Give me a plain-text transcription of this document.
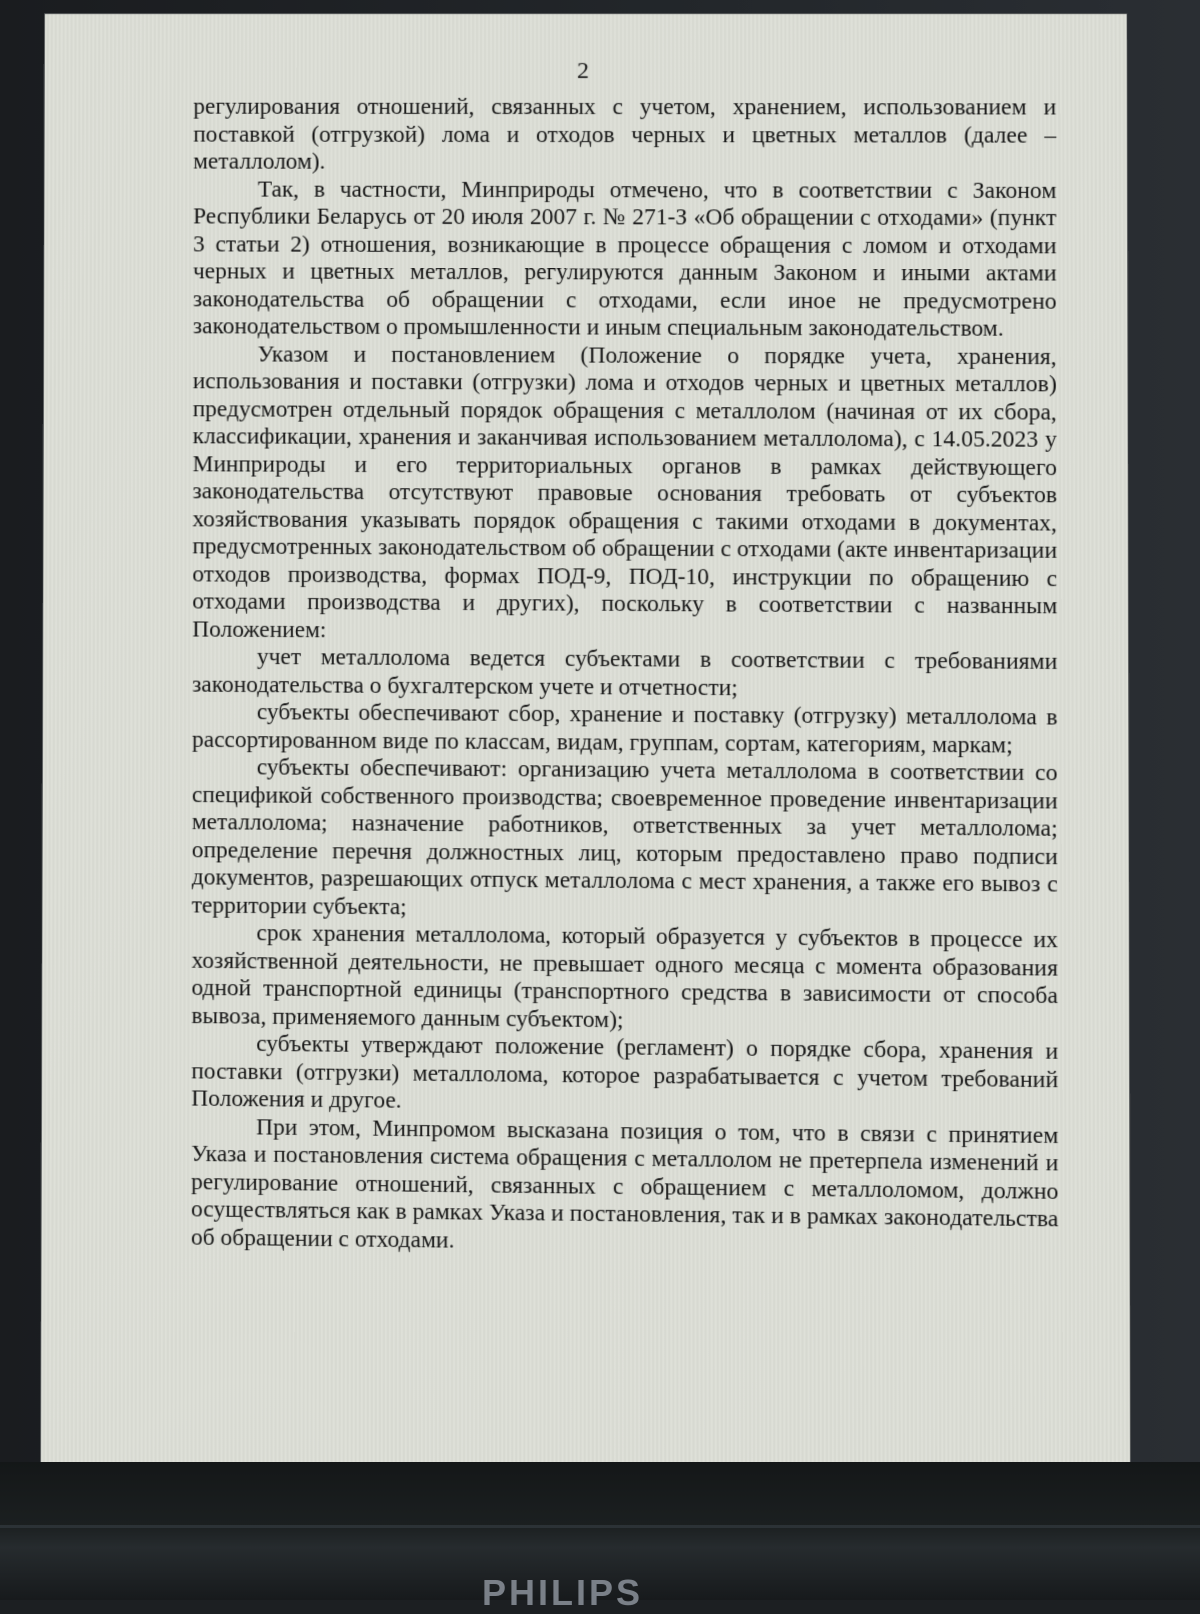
2

регулирования отношений, связанных с учетом, хранением, использованием и поставкой (отгрузкой) лома и отходов черных и цветных металлов (далее – металлолом).

Так, в частности, Минприроды отмечено, что в соответствии с Законом Республики Беларусь от 20 июля 2007 г. № 271-З «Об обращении с отходами» (пункт 3 статьи 2) отношения, возникающие в процессе обращения с ломом и отходами черных и цветных металлов, регулируются данным Законом и иными актами законодательства об обращении с отходами, если иное не предусмотрено законодательством о промышленности и иным специальным законодательством.

Указом и постановлением (Положение о порядке учета, хранения, использования и поставки (отгрузки) лома и отходов черных и цветных металлов) предусмотрен отдельный порядок обращения с металлолом (начиная от их сбора, классификации, хранения и заканчивая использованием металлолома), с 14.05.2023 у Минприроды и его территориальных органов в рамках действующего законодательства отсутствуют правовые основания требовать от субъектов хозяйствования указывать порядок обращения с такими отходами в документах, предусмотренных законодательством об обращении с отходами (акте инвентаризации отходов производства, формах ПОД-9, ПОД-10, инструкции по обращению с отходами производства и других), поскольку в соответствии с названным Положением:

учет металлолома ведется субъектами в соответствии с требованиями законодательства о бухгалтерском учете и отчетности;

субъекты обеспечивают сбор, хранение и поставку (отгрузку) металлолома в рассортированном виде по классам, видам, группам, сортам, категориям, маркам;

субъекты обеспечивают: организацию учета металлолома в соответствии со спецификой собственного производства; своевременное проведение инвентаризации металлолома; назначение работников, ответственных за учет металлолома; определение перечня должностных лиц, которым предоставлено право подписи документов, разрешающих отпуск металлолома с мест хранения, а также его вывоз с территории субъекта;

срок хранения металлолома, который образуется у субъектов в процессе их хозяйственной деятельности, не превышает одного месяца с момента образования одной транспортной единицы (транспортного средства в зависимости от способа вывоза, применяемого данным субъектом);

субъекты утверждают положение (регламент) о порядке сбора, хранения и поставки (отгрузки) металлолома, которое разрабатывается с учетом требований Положения и другое.

При этом, Минпромом высказана позиция о том, что в связи с принятием Указа и постановления система обращения с металлолом не претерпела изменений и регулирование отношений, связанных с обращением с металлоломом, должно осуществляться как в рамках Указа и постановления, так и в рамках законодательства об обращении с отходами.

PHILIPS
